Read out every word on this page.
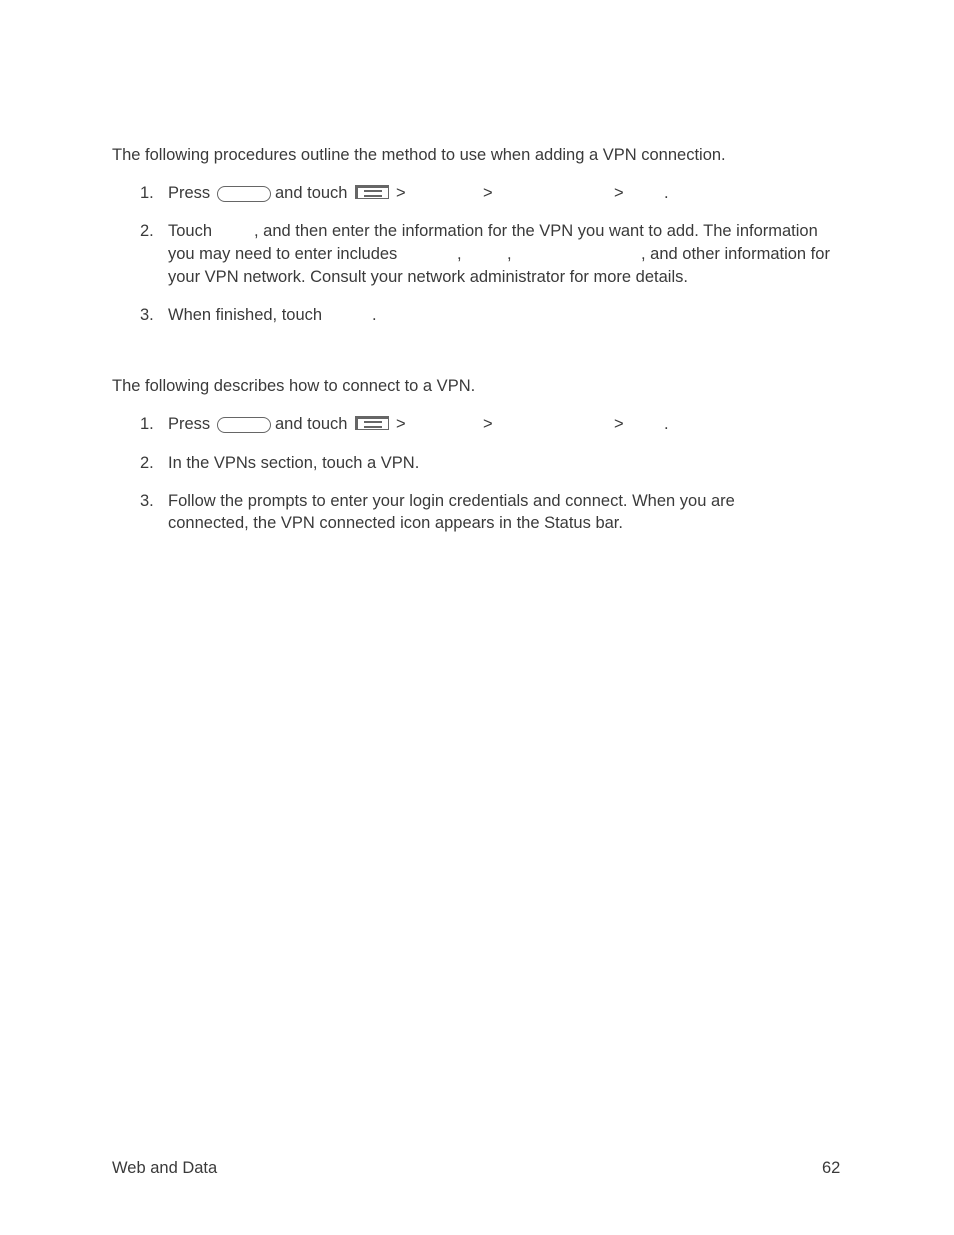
The following procedures outline the method to use when adding a VPN connection.
1. Press	and touch	>	>	> .
2. Touch	, and then enter the information for the VPN you want to add. The information
you may need to enter includes	,	,	, and other information for
your VPN network. Consult your network administrator for more details.
3. When finished, touch	.
The following describes how to connect to a VPN.
1. Press	and touch	>	>	> .
2. In the VPNs section, touch a VPN.
3. Follow the prompts to enter your login credentials and connect. When you are
connected, the VPN connected icon appears in the Status bar.
Web and Data	62
